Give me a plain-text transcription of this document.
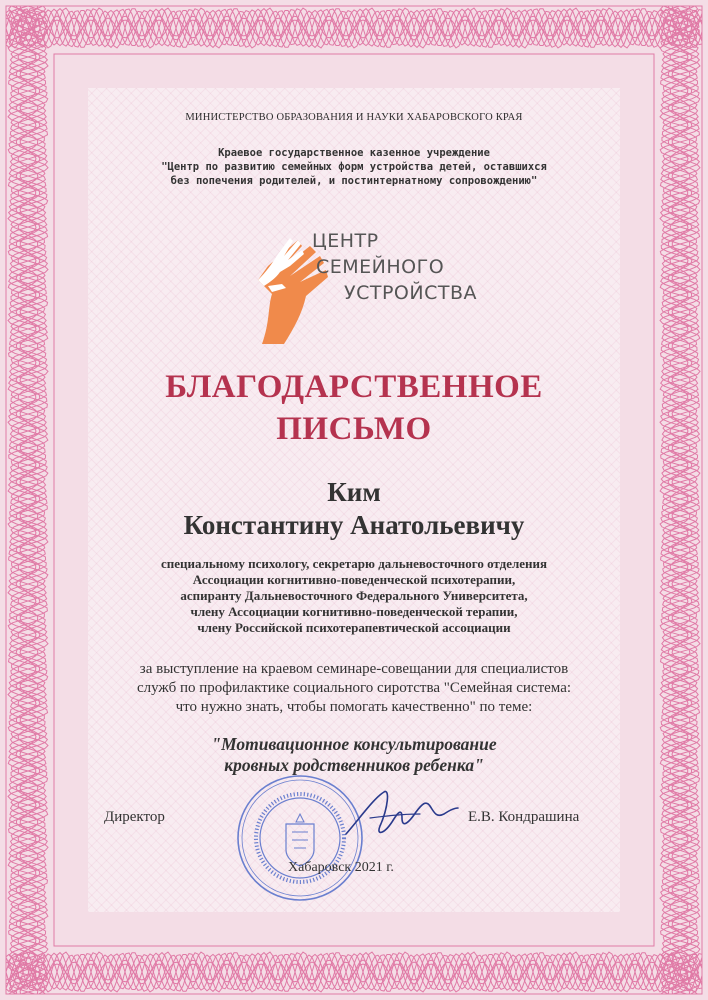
МИНИСТЕРСТВО ОБРАЗОВАНИЯ И НАУКИ ХАБАРОВСКОГО КРАЯ
Краевое государственное казенное учреждение
"Центр по развитию семейных форм устройства детей, оставшихся
без попечения родителей, и постинтернатному сопровождению"
ЦЕНТР
СЕМЕЙНОГО
УСТРОЙСТВА
БЛАГОДАРСТВЕННОЕ
ПИСЬМО
Ким
Константину Анатольевичу
специальному психологу, секретарю дальневосточного отделения
Ассоциации когнитивно-поведенческой психотерапии,
аспиранту Дальневосточного Федерального Университета,
члену Ассоциации когнитивно-поведенческой терапии,
члену Российской психотерапевтической ассоциации
за выступление на краевом семинаре-совещании для специалистов
служб по профилактике социального сиротства "Семейная система:
что нужно знать, чтобы помогать качественно" по теме:
"Мотивационное консультирование
кровных родственников ребенка"
Директор	Е.В. Кондрашина
Хабаровск 2021 г.
